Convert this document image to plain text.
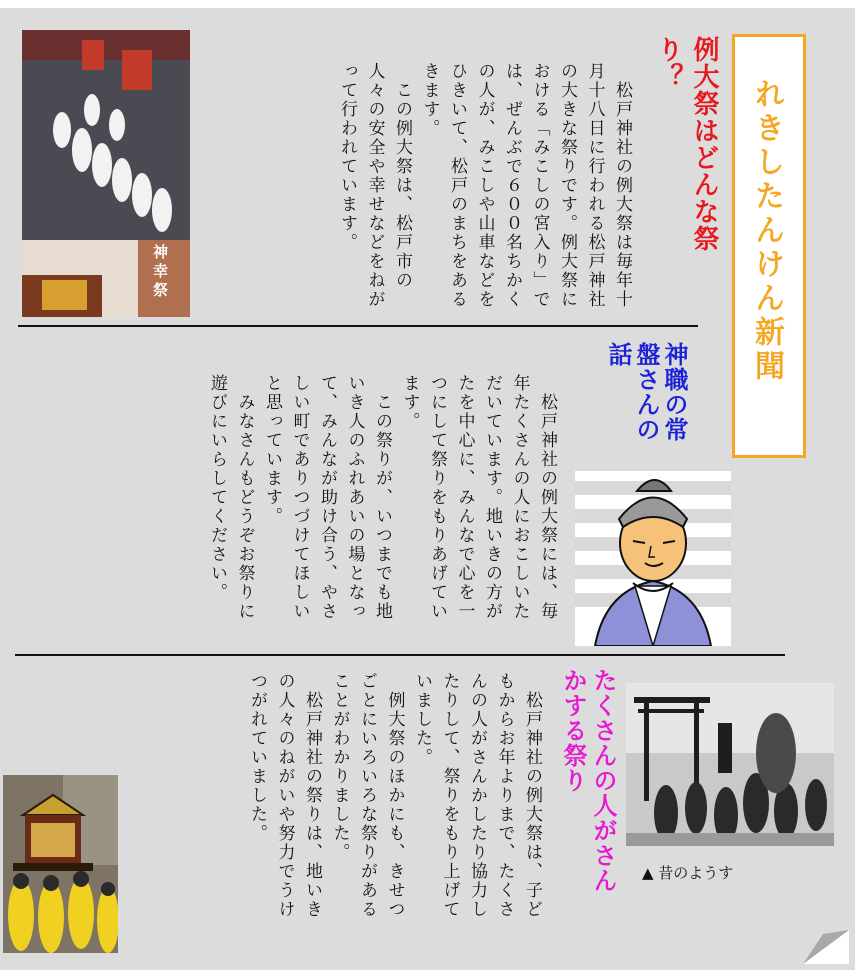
れきしたんけん新聞
例大祭はどんな祭り？
　松戸神社の例大祭は毎年十月十八日に行われる松戸神社の大きな祭りです。例大祭における「みこしの宮入り」では、ぜんぶで６００名ちかくの人が、みこしや山車などをひきいて、松戸のまちをあるきます。
　この例大祭は、松戸市の人々の安全や幸せなどをねがって行われています。
神幸祭
神職の常盤さんの話
　松戸神社の例大祭には、毎年たくさんの人におこしいただいています。地いきの方がたを中心に、みんなで心を一つにして祭りをもりあげています。
　この祭りが、いつまでも地いき人のふれあいの場となって、みんなが助け合う、やさしい町でありつづけてほしいと思っています。
　みなさんもどうぞお祭りに遊びにいらしてください。
たくさんの人がさんかする祭り
　松戸神社の例大祭は、子どもからお年よりまで、たくさんの人がさんかしたり協力したりして、祭りをもり上げていました。
　例大祭のほかにも、きせつごとにいろいろな祭りがあることがわかりました。
　松戸神社の祭りは、地いきの人々のねがいや努力でうけつがれていました。
▲ 昔のようす
